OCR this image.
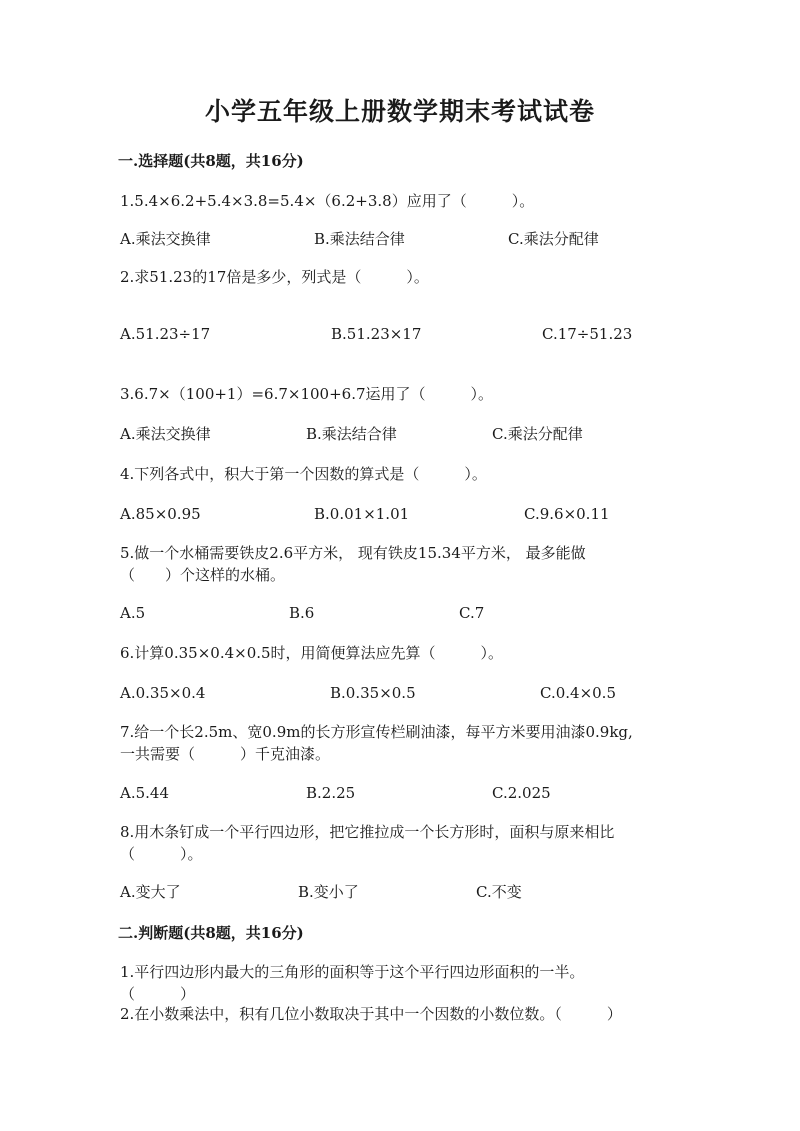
小学五年级上册数学期末考试试卷
一.选择题(共8题，共16分)
1.5.4×6.2+5.4×3.8=5.4×（6.2+3.8）应用了（　　　）。
A.乘法交换律	B.乘法结合律	C.乘法分配律
2.求51.23的17倍是多少，列式是（　　　）。
A.51.23÷17	B.51.23×17	C.17÷51.23
3.6.7×（100+1）=6.7×100+6.7运用了（　　　）。
A.乘法交换律	B.乘法结合律	C.乘法分配律
4.下列各式中，积大于第一个因数的算式是（　　　）。
A.85×0.95	B.0.01×1.01	C.9.6×0.11
5.做一个水桶需要铁皮2.6平方米， 现有铁皮15.34平方米， 最多能做
（　　）个这样的水桶。
A.5	B.6	C.7
6.计算0.35×0.4×0.5时，用简便算法应先算（　　　）。
A.0.35×0.4	B.0.35×0.5	C.0.4×0.5
7.给一个长2.5m、宽0.9m的长方形宣传栏刷油漆，每平方米要用油漆0.9kg,
一共需要（　　　）千克油漆。
A.5.44	B.2.25	C.2.025
8.用木条钉成一个平行四边形，把它推拉成一个长方形时，面积与原来相比
（　　　）。
A.变大了	B.变小了	C.不变
二.判断题(共8题，共16分)
1.平行四边形内最大的三角形的面积等于这个平行四边形面积的一半。
（　　　）
2.在小数乘法中，积有几位小数取决于其中一个因数的小数位数。（　　　）
